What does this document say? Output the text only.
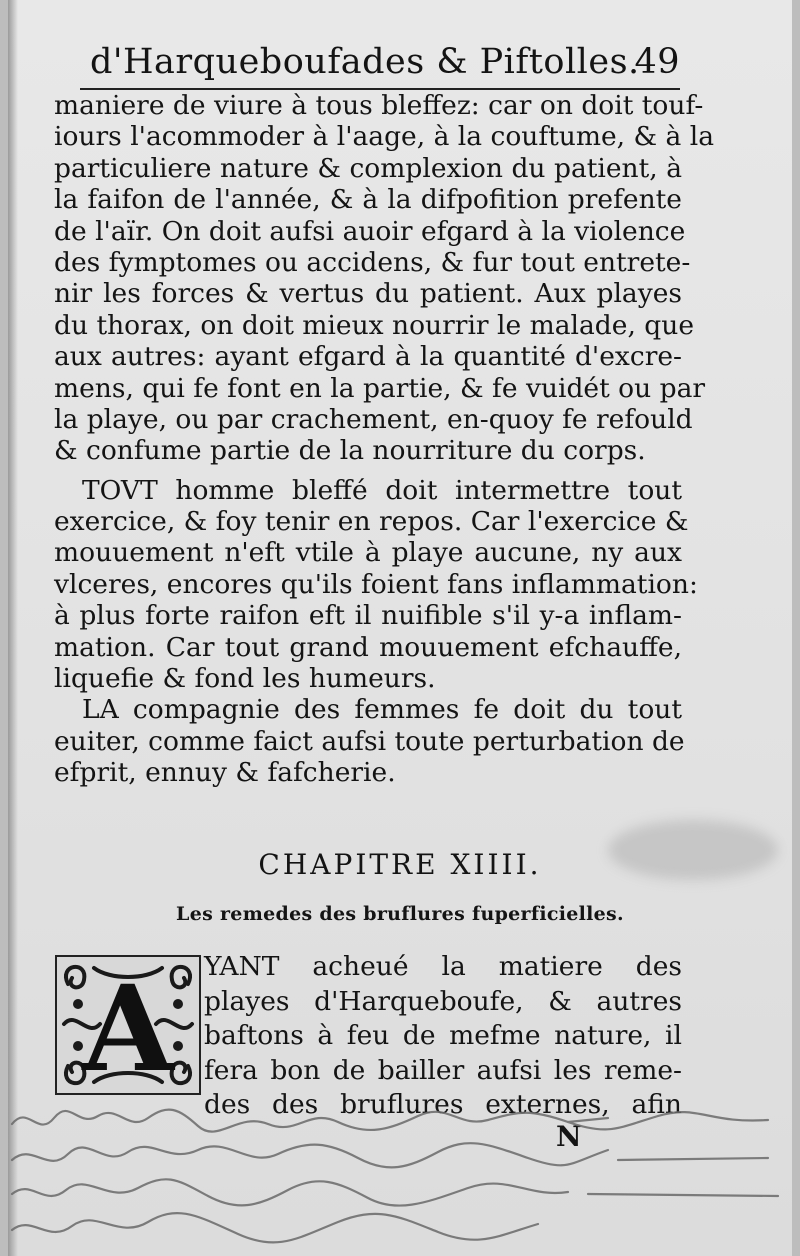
d'Harqueboufades & Piftolles.
49
maniere de viure à tous bleffez: car on doit touf-
iours l'acommoder à l'aage, à la couftume, & à la
particuliere nature & complexion du patient, à
la faifon de l'année, & à la difpofition prefente
de l'aïr. On doit aufsi auoir efgard à la violence
des fymptomes ou accidens, & fur tout entrete-
nir les forces & vertus du patient. Aux playes
du thorax, on doit mieux nourrir le malade, que
aux autres: ayant efgard à la quantité d'excre-
mens, qui fe font en la partie, & fe vuidét ou par
la playe, ou par crachement, en-quoy fe refould
& confume partie de la nourriture du corps.
TOVT homme bleffé doit intermettre tout
exercice, & foy tenir en repos. Car l'exercice &
mouuement n'eft vtile à playe aucune, ny aux
vlceres, encores qu'ils foient fans inflammation:
à plus forte raifon eft il nuifible s'il y-a inflam-
mation. Car tout grand mouuement efchauffe,
liquefie & fond les humeurs.
LA compagnie des femmes fe doit du tout
euiter, comme faict aufsi toute perturbation de
efprit, ennuy & fafcherie.
CHAPITRE XIIII.
Les remedes des bruflures fuperficielles.
A YANT acheué la matiere des
playes d'Harqueboufe, & autres
baftons à feu de mefme nature, il
fera bon de bailler aufsi les reme-
des des bruflures externes, afin
N
